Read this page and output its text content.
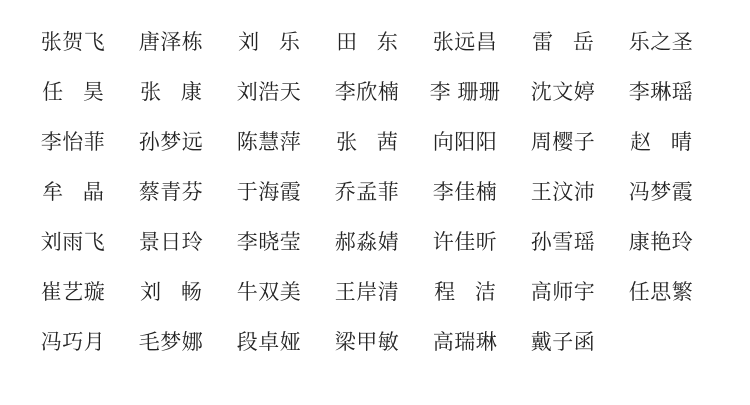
张贺飞	唐泽栋	刘 乐	田 东	张远昌	雷 岳	乐之圣
任 昊	张 康	刘浩天	李欣楠	李 珊珊	沈文婷	李琳瑶
李怡菲	孙梦远	陈慧萍	张 茜	向阳阳	周樱子	赵 晴
牟 晶	蔡青芬	于海霞	乔孟菲	李佳楠	王汶沛	冯梦霞
刘雨飞	景日玲	李晓莹	郝淼婧	许佳昕	孙雪瑶	康艳玲
崔艺璇	刘 畅	牛双美	王岸清	程 洁	高师宇	任思繁
冯巧月	毛梦娜	段卓娅	梁甲敏	高瑞琳	戴子函
